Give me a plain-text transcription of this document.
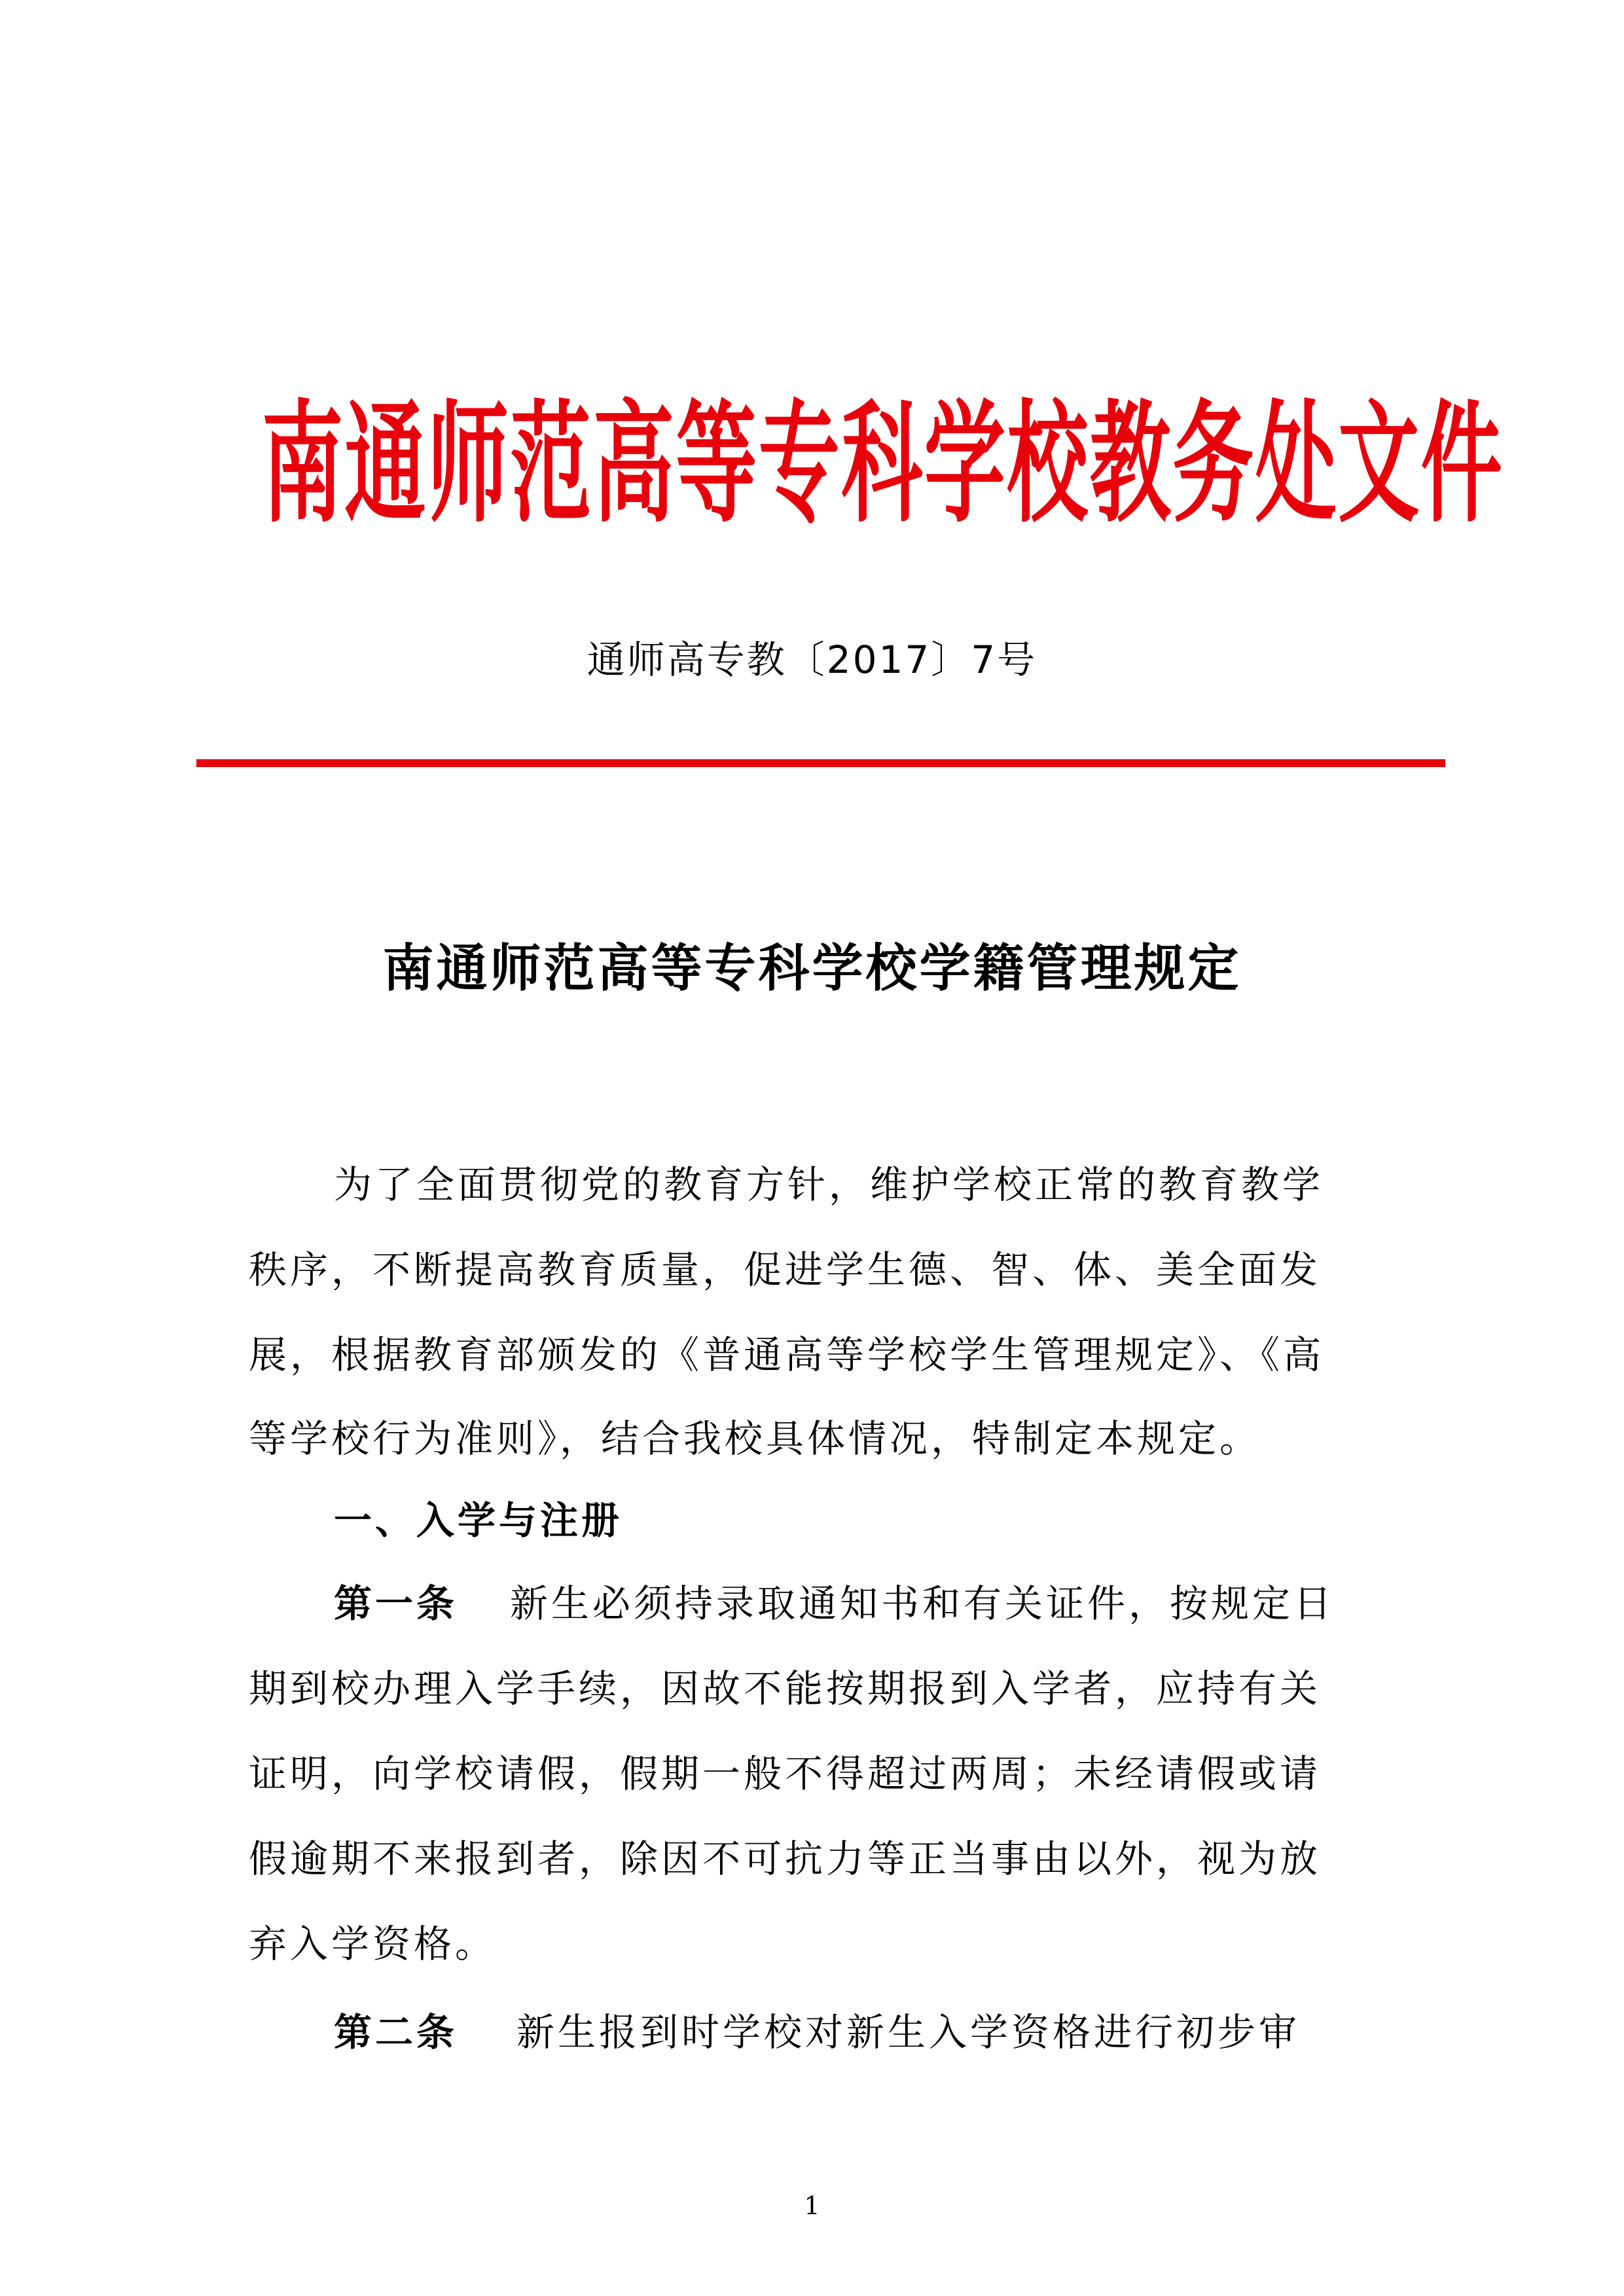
南通师范高等专科学校教务处文件
通师高专教〔2017〕7号
南通师范高等专科学校学籍管理规定
为了全面贯彻党的教育方针，维护学校正常的教育教学
秩序，不断提高教育质量，促进学生德、智、体、美全面发
展，根据教育部颁发的《普通高等学校学生管理规定》、《高
等学校行为准则》，结合我校具体情况，特制定本规定。
一、入学与注册
第一条 新生必须持录取通知书和有关证件，按规定日
期到校办理入学手续，因故不能按期报到入学者，应持有关
证明，向学校请假，假期一般不得超过两周；未经请假或请
假逾期不来报到者，除因不可抗力等正当事由以外，视为放
弃入学资格。
第二条 新生报到时学校对新生入学资格进行初步审
1
